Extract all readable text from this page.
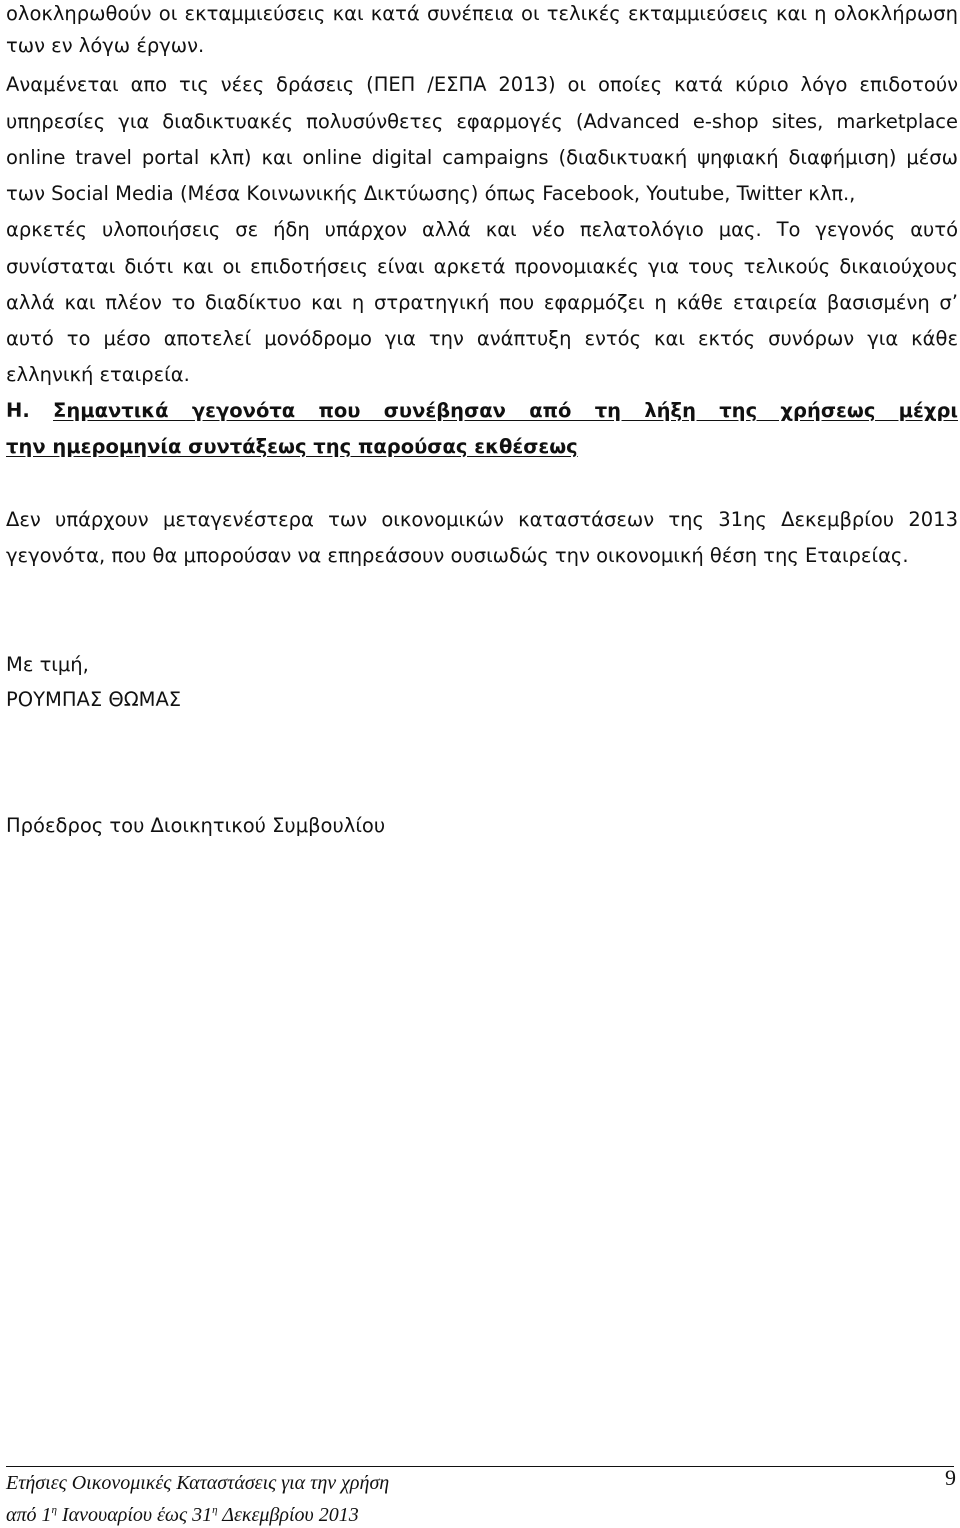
ολοκληρωθούν οι εκταμμιεύσεις και κατά συνέπεια οι τελικές εκταμμιεύσεις και η ολοκλήρωση
των εν λόγω έργων.
Αναμένεται απο τις νέες δράσεις (ΠΕΠ /ΕΣΠΑ 2013) οι οποίες κατά κύριο λόγο επιδοτούν
υπηρεσίες για διαδικτυακές πολυσύνθετες εφαρμογές (Advanced e-shop sites, marketplace
online travel portal κλπ) και online digital campaigns (διαδικτυακή ψηφιακή διαφήμιση) μέσω
των Social Media (Μέσα Κοινωνικής Δικτύωσης) όπως Facebook, Youtube, Twitter κλπ.,
αρκετές υλοποιήσεις σε ήδη υπάρχον αλλά και νέο πελατολόγιο μας. Το γεγονός αυτό
συνίσταται διότι και οι επιδοτήσεις είναι αρκετά προνομιακές για τους τελικούς δικαιούχους
αλλά και πλέον το διαδίκτυο και η στρατηγική που εφαρμόζει η κάθε εταιρεία βασισμένη σ’
αυτό το μέσο αποτελεί μονόδρομο για την ανάπτυξη εντός και εκτός συνόρων για κάθε
ελληνική εταιρεία.
Η. Σημαντικά γεγονότα που συνέβησαν από τη λήξη της χρήσεως μέχρι
την ημερομηνία συντάξεως της παρούσας εκθέσεως
Δεν υπάρχουν μεταγενέστερα των οικονομικών καταστάσεων της 31ης Δεκεμβρίου 2013
γεγονότα, που θα μπορούσαν να επηρεάσουν ουσιωδώς την οικονομική θέση της Εταιρείας.
Με τιμή,
ΡΟΥΜΠΑΣ ΘΩΜΑΣ
Πρόεδρος του Διοικητικού Συμβουλίου
Ετήσιες Οικονομικές Καταστάσεις για την χρήση	9
από $1^\eta$ Ιανουαρίου έως $31^\eta$ Δεκεμβρίου 2013
